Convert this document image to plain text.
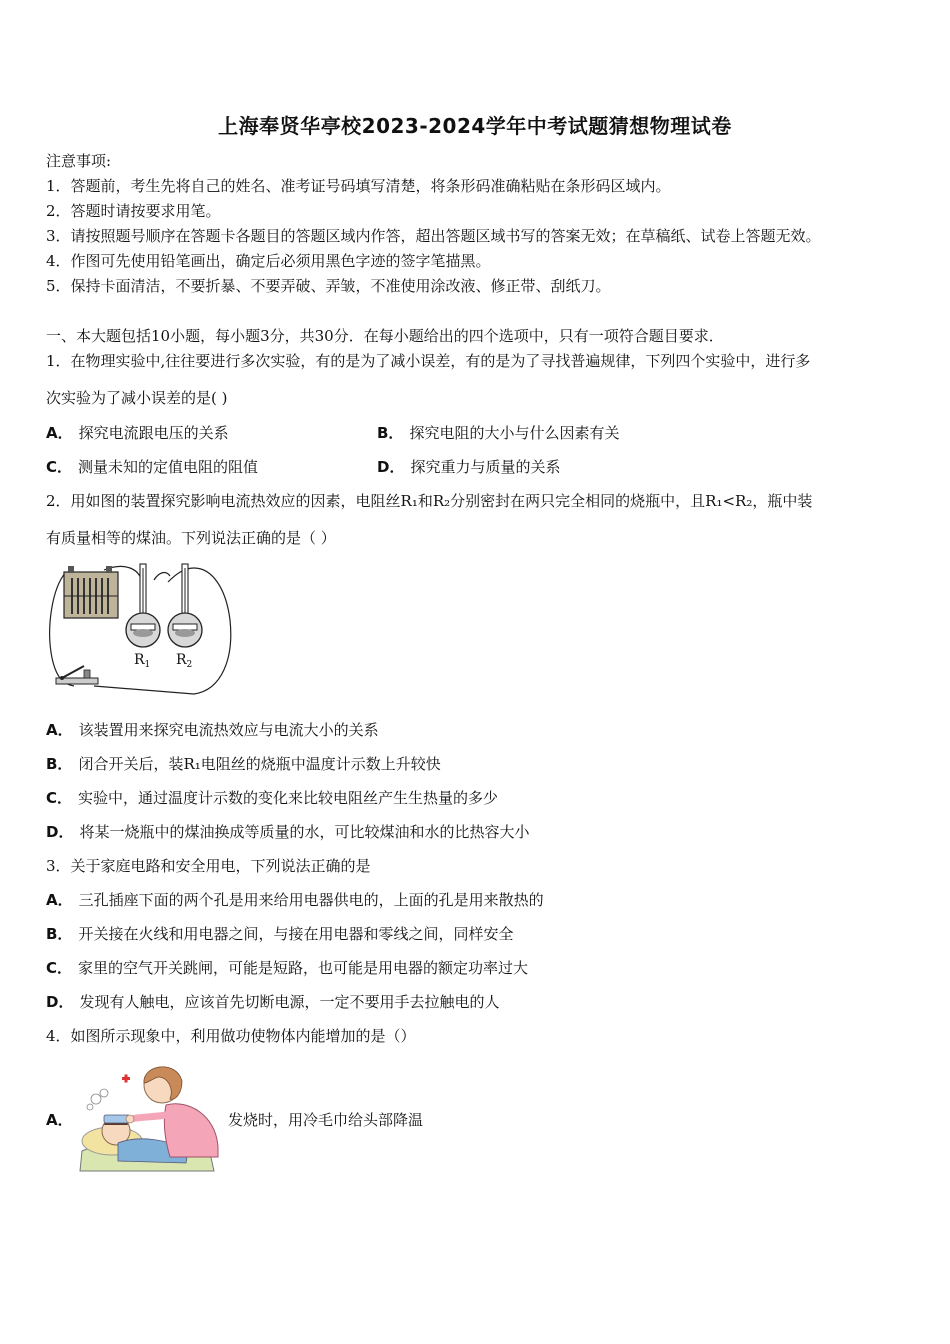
上海奉贤华亭校2023-2024学年中考试题猜想物理试卷
注意事项:
1．答题前，考生先将自己的姓名、准考证号码填写清楚，将条形码准确粘贴在条形码区域内。
2．答题时请按要求用笔。
3．请按照题号顺序在答题卡各题目的答题区域内作答，超出答题区域书写的答案无效；在草稿纸、试卷上答题无效。
4．作图可先使用铅笔画出，确定后必须用黑色字迹的签字笔描黑。
5．保持卡面清洁，不要折暴、不要弄破、弄皱，不准使用涂改液、修正带、刮纸刀。
一、本大题包括10小题，每小题3分，共30分．在每小题给出的四个选项中，只有一项符合题目要求．
1．在物理实验中,往往要进行多次实验，有的是为了减小误差，有的是为了寻找普遍规律，下列四个实验中，进行多
次实验为了减小误差的是( )
A． 探究电流跟电压的关系	B． 探究电阻的大小与什么因素有关
C． 测量未知的定值电阻的阻值	D． 探究重力与质量的关系
2．用如图的装置探究影响电流热效应的因素，电阻丝R₁和R₂分别密封在两只完全相同的烧瓶中，且R₁<R₂，瓶中装
有质量相等的煤油。下列说法正确的是（ ）
$R_1$ $R_2$
A． 该装置用来探究电流热效应与电流大小的关系
B． 闭合开关后，装R₁电阻丝的烧瓶中温度计示数上升较快
C． 实验中，通过温度计示数的变化来比较电阻丝产生生热量的多少
D． 将某一烧瓶中的煤油换成等质量的水，可比较煤油和水的比热容大小
3．关于家庭电路和安全用电，下列说法正确的是
A． 三孔插座下面的两个孔是用来给用电器供电的，上面的孔是用来散热的
B． 开关接在火线和用电器之间，与接在用电器和零线之间，同样安全
C． 家里的空气开关跳闸，可能是短路，也可能是用电器的额定功率过大
D． 发现有人触电，应该首先切断电源，一定不要用手去拉触电的人
4．如图所示现象中，利用做功使物体内能增加的是（）
A．	发烧时，用冷毛巾给头部降温
